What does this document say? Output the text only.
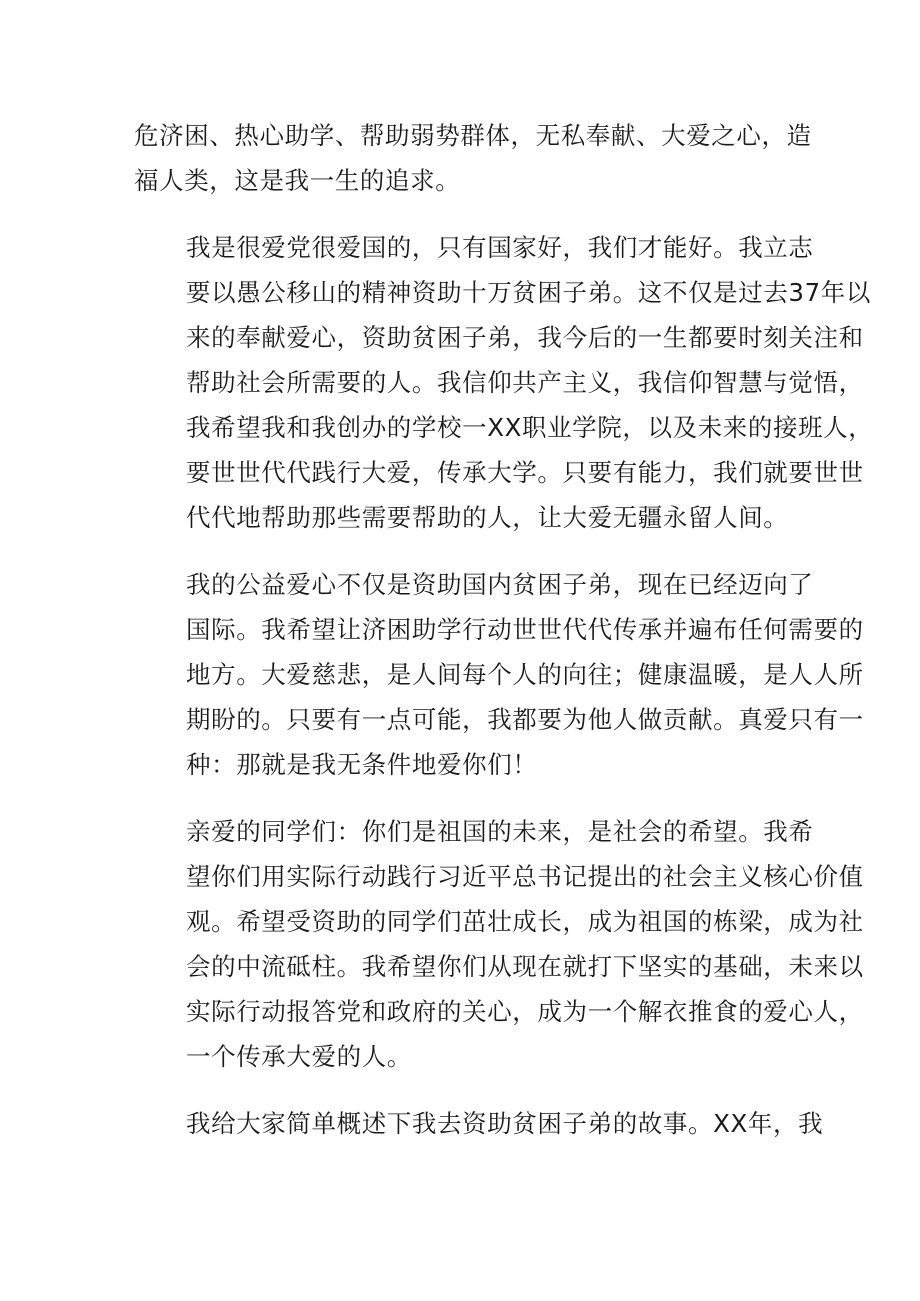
危济困、热心助学、帮助弱势群体，无私奉献、大爱之心，造
福人类，这是我一生的追求。

我是很爱党很爱国的，只有国家好，我们才能好。我立志
要以愚公移山的精神资助十万贫困子弟。这不仅是过去37年以
来的奉献爱心，资助贫困子弟，我今后的一生都要时刻关注和
帮助社会所需要的人。我信仰共产主义，我信仰智慧与觉悟，
我希望我和我创办的学校一XX职业学院，以及未来的接班人，
要世世代代践行大爱，传承大学。只要有能力，我们就要世世
代代地帮助那些需要帮助的人，让大爱无疆永留人间。

我的公益爱心不仅是资助国内贫困子弟，现在已经迈向了
国际。我希望让济困助学行动世世代代传承并遍布任何需要的
地方。大爱慈悲，是人间每个人的向往；健康温暖，是人人所
期盼的。只要有一点可能，我都要为他人做贡献。真爱只有一
种：那就是我无条件地爱你们！

亲爱的同学们：你们是祖国的未来，是社会的希望。我希
望你们用实际行动践行习近平总书记提出的社会主义核心价值
观。希望受资助的同学们茁壮成长，成为祖国的栋梁，成为社
会的中流砥柱。我希望你们从现在就打下坚实的基础，未来以
实际行动报答党和政府的关心，成为一个解衣推食的爱心人，
一个传承大爱的人。

我给大家简单概述下我去资助贫困子弟的故事。XX年，我
